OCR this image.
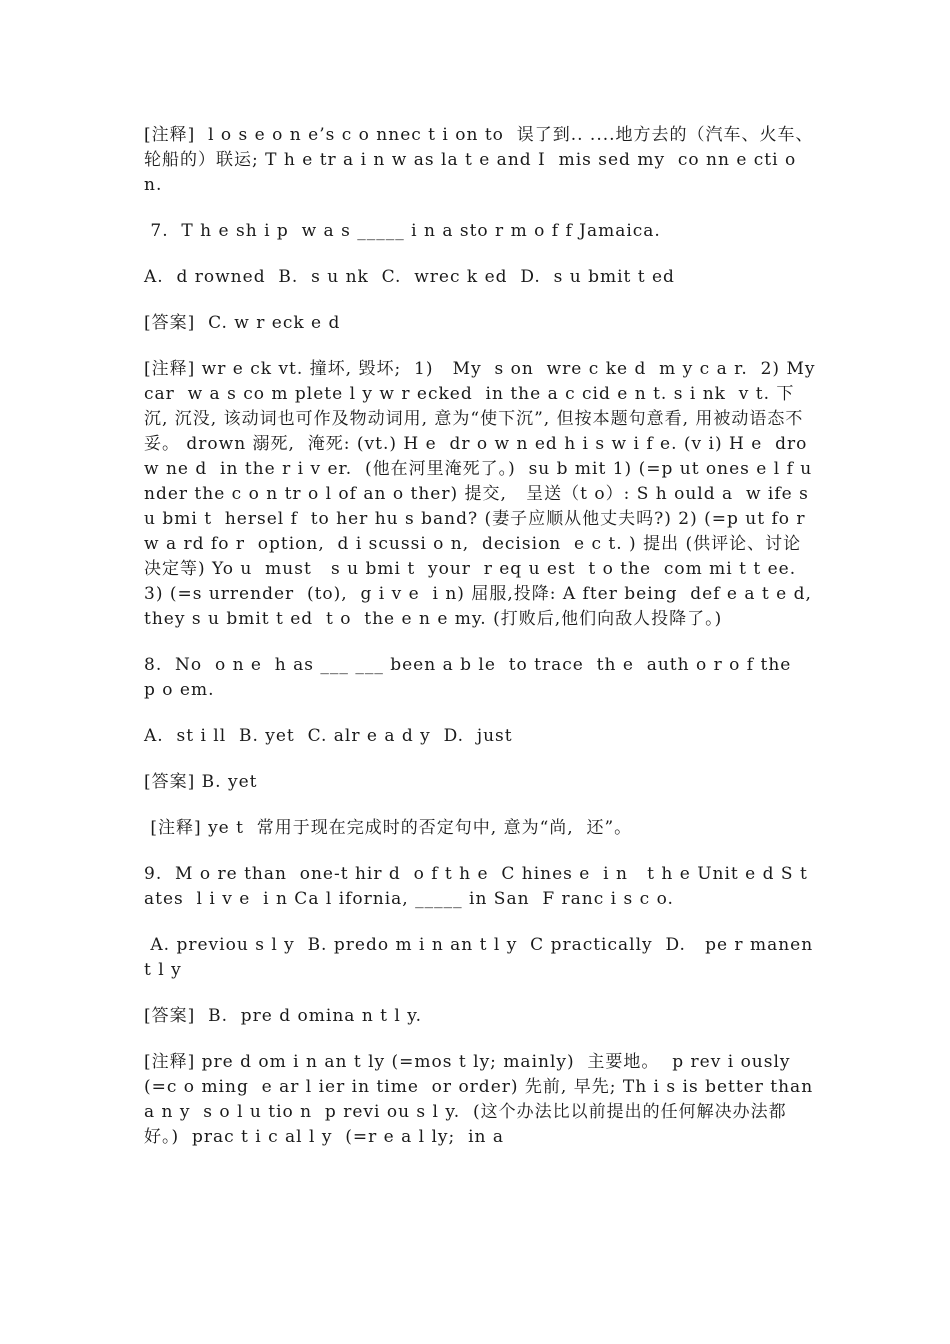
[注释]  l o s e o n e’s c o nnec t i on to  误了到.. ....地方去的（汽车、火车、轮船的）联运; T h e tr a i n w as la t e and I  mis sed my  co nn e cti o n.

7.  T h e sh i p  w a s _____ i n a sto r m o f f Jamaica.

A.  d rowned  B.  s u nk  C.  wrec k ed  D.  s u bmit t ed

[答案]  C. w r eck e d

[注释] wr e ck vt. 撞坏, 毁坏;  1)   My  s on  wre c ke d  m y c a r.  2) My  car  w a s co m plete l y w r ecked  in the a c cid e n t. s i nk  v t. 下沉, 沉没, 该动词也可作及物动词用, 意为“使下沉”, 但按本题句意看, 用被动语态不妥。 drown 溺死,  淹死: (vt.) H e  dr o w n ed h i s w i f e. (v i) H e  dro w ne d  in the r i v er.  (他在河里淹死了。)  su b mit 1) (=p ut ones e l f under the c o n tr o l of an o ther) 提交,   呈送（t o）: S h ould a  w ife s u bmi t  hersel f  to her hu s band? (妻子应顺从他丈夫吗?) 2) (=p ut fo r w a rd fo r  option,  d i scussi o n,  decision  e c t. ) 提出 (供评论、讨论决定等) Yo u  must   s u bmi t  your  r eq u est  t o the  com mi t t ee.  3) (=s urrender  (to),  g i v e  i n) 屈服,投降: A fter being  def e a t e d, they s u bmit t ed  t o  the e n e my. (打败后,他们向敌人投降了。)

8.  No  o n e  h as ___ ___ been a b le  to trace  th e  auth o r o f the  p o em.

A.  st i ll  B. yet  C. alr e a d y  D.  just

[答案] B. yet

[注释] ye t  常用于现在完成时的否定句中, 意为“尚,  还”。

9.  M o re than  one-t hir d  o f t h e  C hines e  i n   t h e Unit e d S tates  l i v e  i n Ca l ifornia, _____ in San  F ranc i s c o.

A. previou s l y  B. predo m i n an t l y  C practically  D.   pe r manen t l y

[答案]  B.  pre d omina n t l y.

[注释] pre d om i n an t ly (=mos t ly; mainly)  主要地。  p rev i ously  (=c o ming  e ar l ier in time  or order) 先前, 早先; Th i s is better than  a n y  s o l u tio n  p revi ou s l y.  (这个办法比以前提出的任何解决办法都好。)  prac t i c al l y  (=r e a l ly;  in a
